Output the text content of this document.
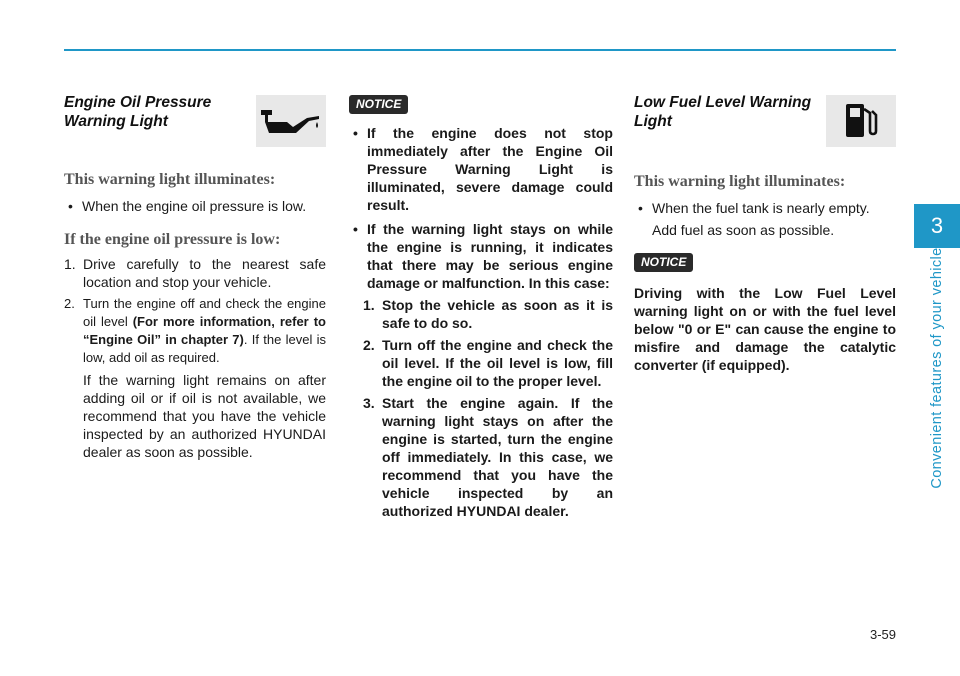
3
Convenient features of your vehicle
3-59
Engine Oil Pressure Warning Light

This warning light illuminates:

• When the engine oil pressure is low.

If the engine oil pressure is low:

1. Drive carefully to the nearest safe location and stop your vehicle.
2. Turn the engine off and check the engine oil level (For more information, refer to “Engine Oil” in chapter 7). If the level is low, add oil as required.
If the warning light remains on after adding oil or if oil is not available, we recommend that you have the vehicle inspected by an authorized HYUNDAI dealer as soon as possible.
NOTICE
• If the engine does not stop immediately after the Engine Oil Pressure Warning Light is illuminated, severe damage could result.
• If the warning light stays on while the engine is running, it indicates that there may be serious engine damage or malfunction. In this case:
1. Stop the vehicle as soon as it is safe to do so.
2. Turn off the engine and check the oil level. If the oil level is low, fill the engine oil to the proper level.
3. Start the engine again. If the warning light stays on after the engine is started, turn the engine off immediately. In this case, we recommend that you have the vehicle inspected by an authorized HYUNDAI dealer.
Low Fuel Level Warning Light

This warning light illuminates:

• When the fuel tank is nearly empty.
Add fuel as soon as possible.
NOTICE
Driving with the Low Fuel Level warning light on or with the fuel level below "0 or E" can cause the engine to misfire and damage the catalytic converter (if equipped).
